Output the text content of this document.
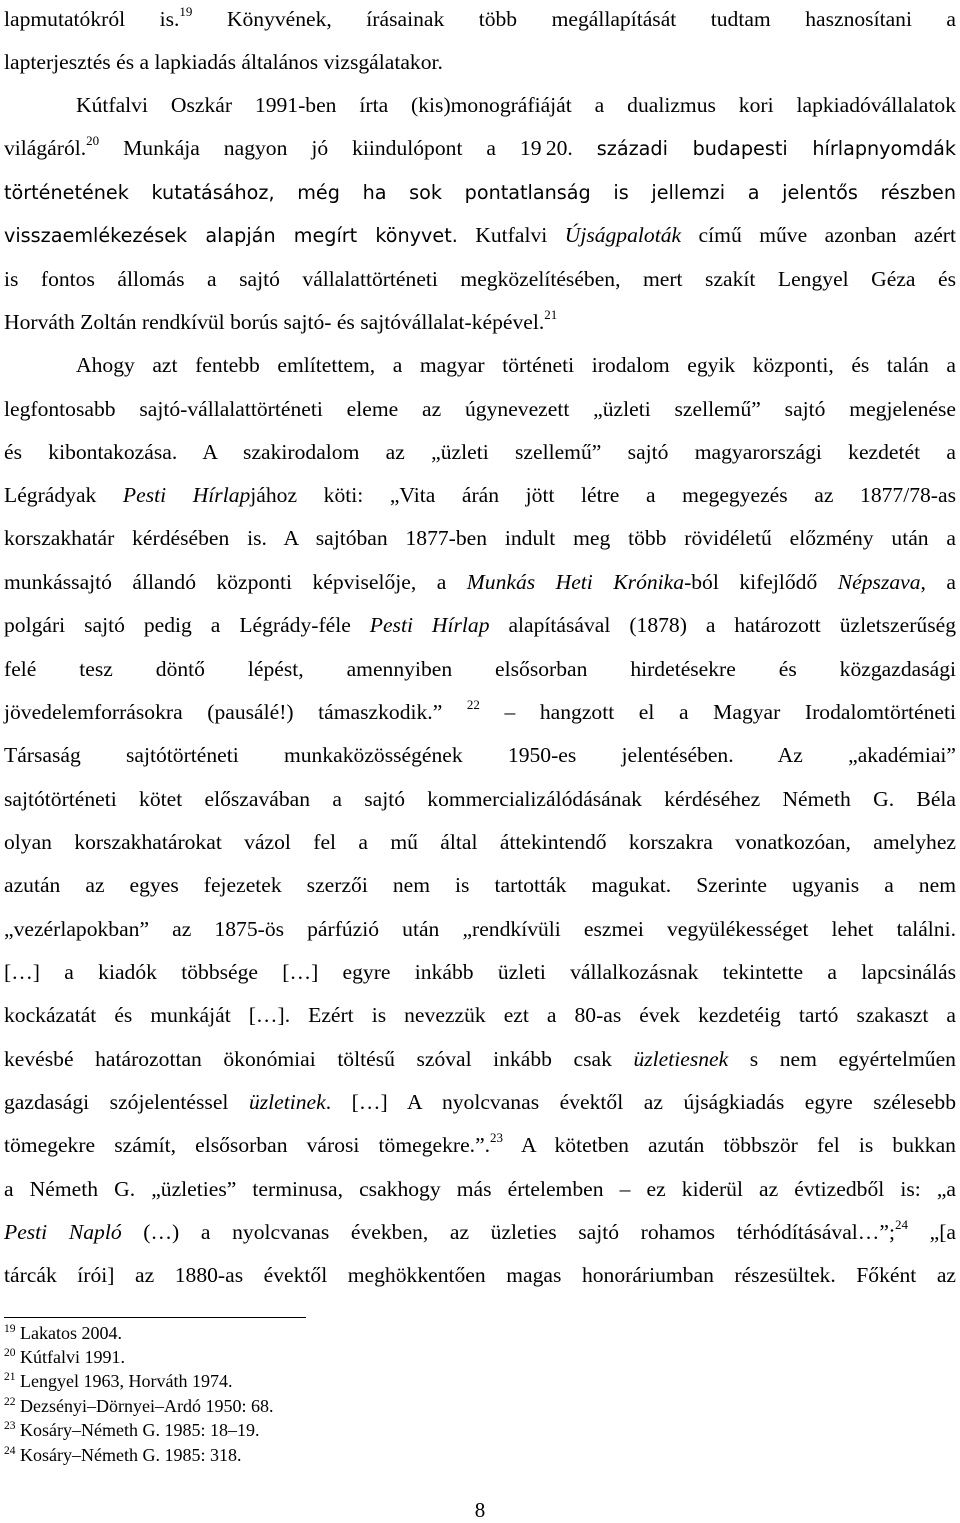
lapmutatókról is.$^{19}$ Könyvének, írásainak több megállapítását tudtam hasznosítani a
lapterjesztés és a lapkiadás általános vizsgálatakor.
Kútfalvi Oszkár 1991-ben írta (kis)monográfiáját a dualizmus kori lapkiadóvállalatok
világáról.$^{20}$ Munkája nagyon jó kiindulópont a 19 20. századi budapesti hírlapnyomdák
történetének kutatásához, még ha sok pontatlanság is jellemzi a jelentős részben
visszaemlékezések alapján megírt könyvet. Kutfalvi Újságpaloták című műve azonban azért
is fontos állomás a sajtó vállalattörténeti megközelítésében, mert szakít Lengyel Géza és
Horváth Zoltán rendkívül borús sajtó- és sajtóvállalat-képével.$^{21}$
Ahogy azt fentebb említettem, a magyar történeti irodalom egyik központi, és talán a
legfontosabb sajtó-vállalattörténeti eleme az úgynevezett „üzleti szellemű” sajtó megjelenése
és kibontakozása. A szakirodalom az „üzleti szellemű” sajtó magyarországi kezdetét a
Légrádyak Pesti Hírlapjához köti: „Vita árán jött létre a megegyezés az 1877/78-as
korszakhatár kérdésében is. A sajtóban 1877-ben indult meg több rövidéletű előzmény után a
munkássajtó állandó központi képviselője, a Munkás Heti Krónika-ból kifejlődő Népszava, a
polgári sajtó pedig a Légrády-féle Pesti Hírlap alapításával (1878) a határozott üzletszerűség
felé tesz döntő lépést, amennyiben elsősorban hirdetésekre és közgazdasági
jövedelemforrásokra (pausálé!) támaszkodik.” $^{22}$ – hangzott el a Magyar Irodalomtörténeti
Társaság sajtótörténeti munkaközösségének 1950-es jelentésében. Az „akadémiai”
sajtótörténeti kötet előszavában a sajtó kommercializálódásának kérdéséhez Németh G. Béla
olyan korszakhatárokat vázol fel a mű által áttekintendő korszakra vonatkozóan, amelyhez
azután az egyes fejezetek szerzői nem is tartották magukat. Szerinte ugyanis a nem
„vezérlapokban” az 1875-ös párfúzió után „rendkívüli eszmei vegyülékességet lehet találni.
[…] a kiadók többsége […] egyre inkább üzleti vállalkozásnak tekintette a lapcsinálás
kockázatát és munkáját […]. Ezért is nevezzük ezt a 80-as évek kezdetéig tartó szakaszt a
kevésbé határozottan ökonómiai töltésű szóval inkább csak üzletiesnek s nem egyértelműen
gazdasági szójelentéssel üzletinek. […] A nyolcvanas évektől az újságkiadás egyre szélesebb
tömegekre számít, elsősorban városi tömegekre.”.$^{23}$ A kötetben azután többször fel is bukkan
a Németh G. „üzleties” terminusa, csakhogy más értelemben – ez kiderül az évtizedből is: „a
Pesti Napló (…) a nyolcvanas években, az üzleties sajtó rohamos térhódításával…”;$^{24}$ „[a
tárcák írói] az 1880-as évektől meghökkentően magas honoráriumban részesültek. Főként az
$^{19}$ Lakatos 2004.
$^{20}$ Kútfalvi 1991.
$^{21}$ Lengyel 1963, Horváth 1974.
$^{22}$ Dezsényi–Dörnyei–Ardó 1950: 68.
$^{23}$ Kosáry–Németh G. 1985: 18–19.
$^{24}$ Kosáry–Németh G. 1985: 318.
8
